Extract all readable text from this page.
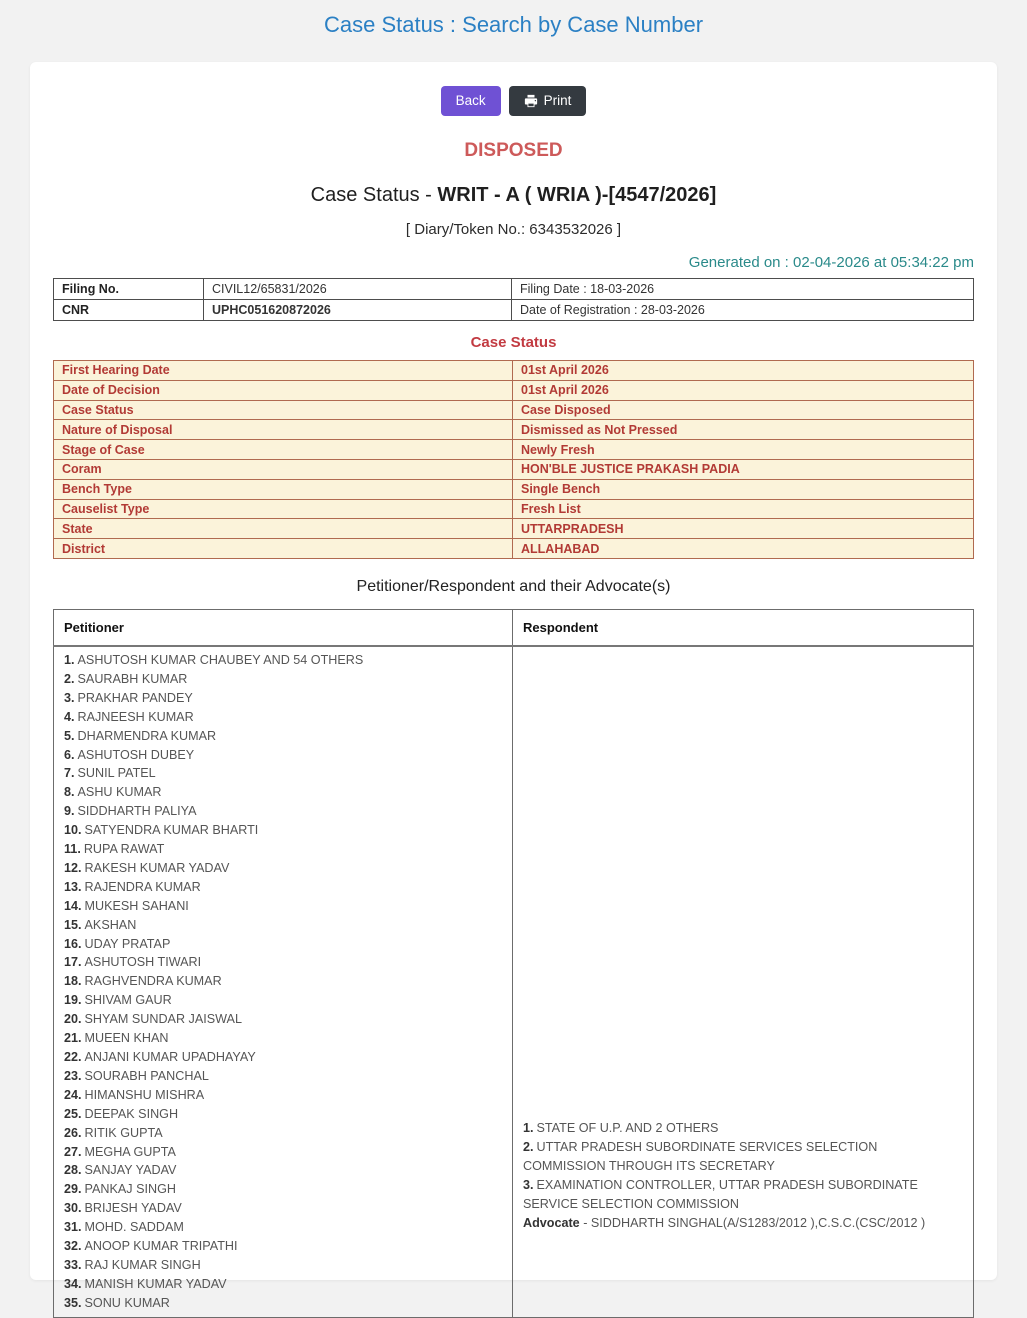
Case Status : Search by Case Number
Back	Print
DISPOSED
Case Status - WRIT - A ( WRIA )-[4547/2026]
[ Diary/Token No.: 6343532026 ]
Generated on : 02-04-2026 at 05:34:22 pm
Filing No.	CIVIL12/65831/2026	Filing Date : 18-03-2026
CNR	UPHC051620872026	Date of Registration : 28-03-2026
Case Status
First Hearing Date	01st April 2026
Date of Decision	01st April 2026
Case Status	Case Disposed
Nature of Disposal	Dismissed as Not Pressed
Stage of Case	Newly Fresh
Coram	HON'BLE JUSTICE PRAKASH PADIA
Bench Type	Single Bench
Causelist Type	Fresh List
State	UTTARPRADESH
District	ALLAHABAD
Petitioner/Respondent and their Advocate(s)
Petitioner	Respondent

1. ASHUTOSH KUMAR CHAUBEY AND 54 OTHERS
2. SAURABH KUMAR
3. PRAKHAR PANDEY
4. RAJNEESH KUMAR
5. DHARMENDRA KUMAR
6. ASHUTOSH DUBEY
7. SUNIL PATEL
8. ASHU KUMAR
9. SIDDHARTH PALIYA
10. SATYENDRA KUMAR BHARTI
11. RUPA RAWAT
12. RAKESH KUMAR YADAV
13. RAJENDRA KUMAR
14. MUKESH SAHANI
15. AKSHAN
16. UDAY PRATAP
17. ASHUTOSH TIWARI
18. RAGHVENDRA KUMAR
19. SHIVAM GAUR
20. SHYAM SUNDAR JAISWAL
21. MUEEN KHAN
22. ANJANI KUMAR UPADHAYAY
23. SOURABH PANCHAL
24. HIMANSHU MISHRA
25. DEEPAK SINGH
26. RITIK GUPTA
27. MEGHA GUPTA
28. SANJAY YADAV
29. PANKAJ SINGH
30. BRIJESH YADAV
31. MOHD. SADDAM
32. ANOOP KUMAR TRIPATHI
33. RAJ KUMAR SINGH
34. MANISH KUMAR YADAV
35. SONU KUMAR

1. STATE OF U.P. AND 2 OTHERS
2. UTTAR PRADESH SUBORDINATE SERVICES SELECTION COMMISSION THROUGH ITS SECRETARY
3. EXAMINATION CONTROLLER, UTTAR PRADESH SUBORDINATE SERVICE SELECTION COMMISSION
Advocate - SIDDHARTH SINGHAL(A/S1283/2012 ),C.S.C.(CSC/2012 )
